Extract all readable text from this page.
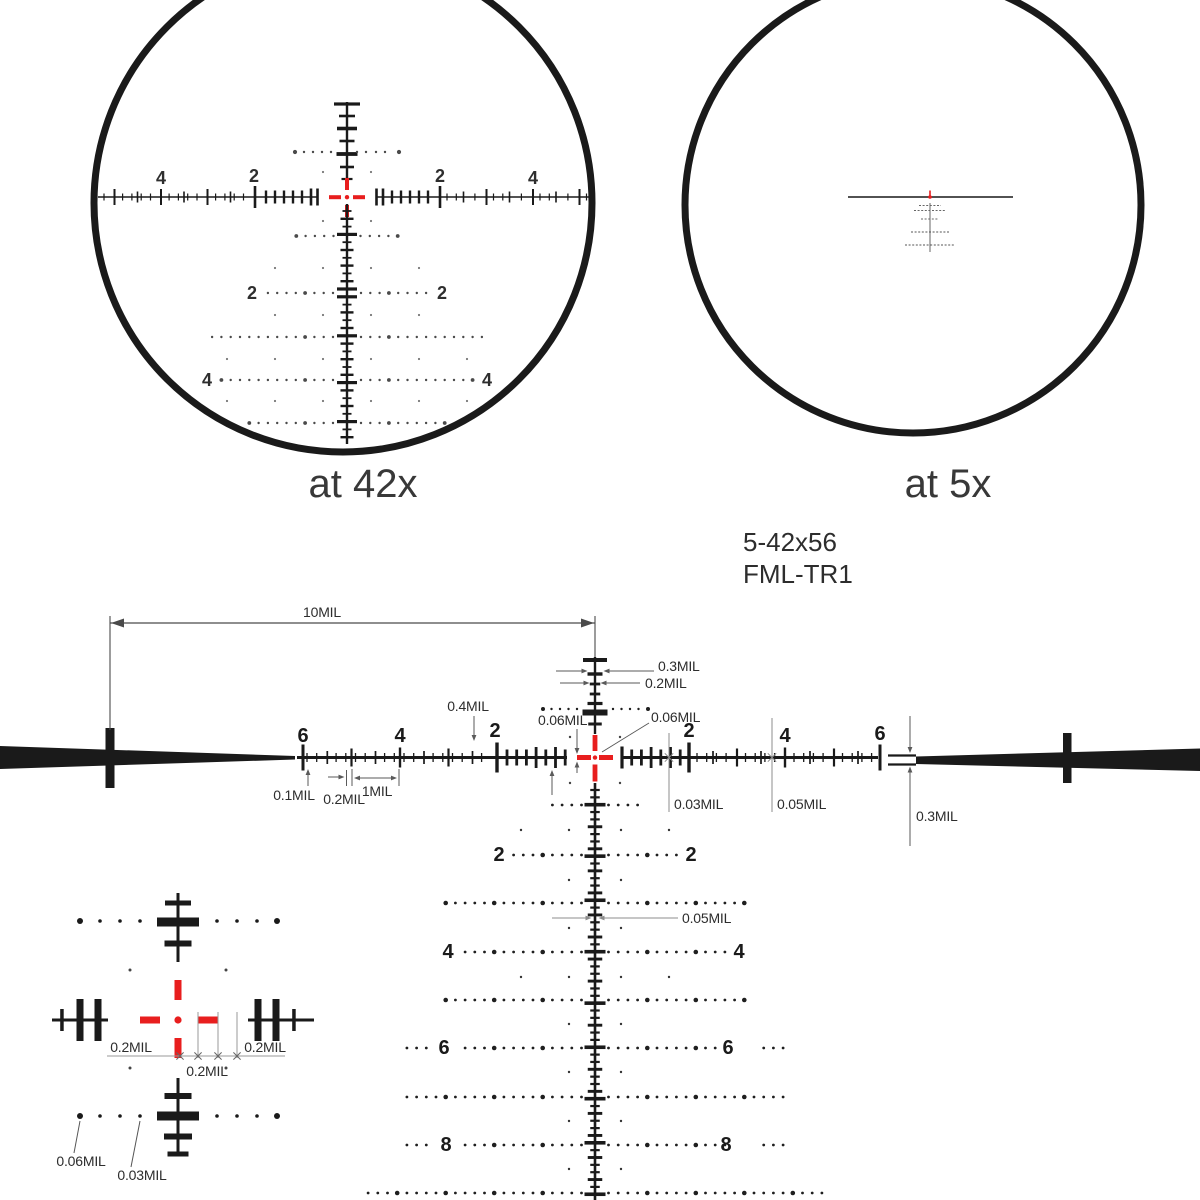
4	2	2	4
2	2
4	4
at 42x	at 5x
5-42x56
FML-TR1
10MIL
0.3MIL
0.2MIL
0.06MIL	0.06MIL
6	4	2	2	4	6
0.4MIL
0.1MIL 0.2MIL
1MIL
0.03MIL	0.05MIL
0.3MIL
2	2
4	4
6	6
8	8
0.05MIL
0.2MIL
0.2MIL
0.2MIL
0.06MIL
0.03MIL
